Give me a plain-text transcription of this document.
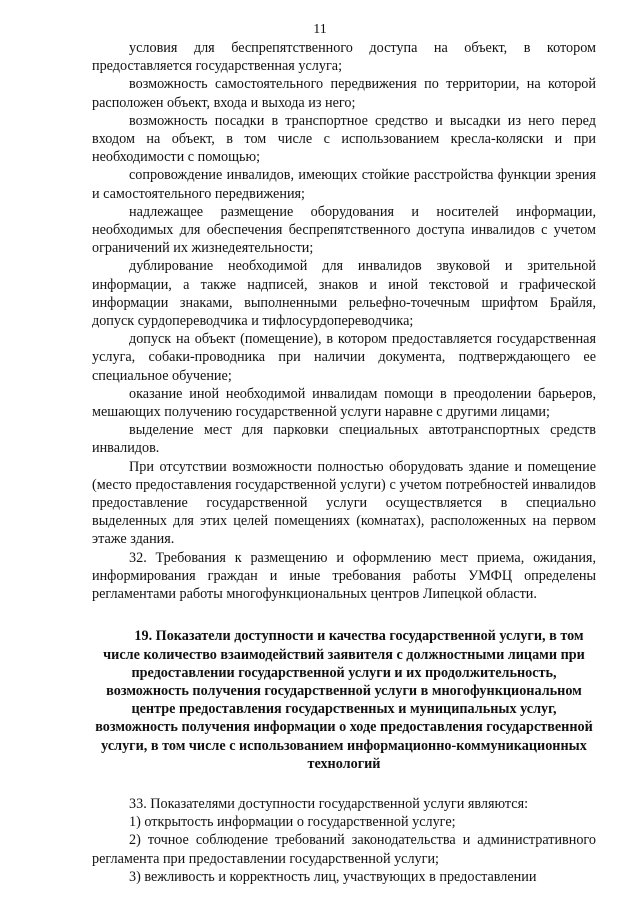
11

условия для беспрепятственного доступа на объект, в котором предоставляется государственная услуга;

возможность самостоятельного передвижения по территории, на которой расположен объект, входа и выхода из него;

возможность посадки в транспортное средство и высадки из него перед входом на объект, в том числе с использованием кресла-коляски и при необходимости с помощью;

сопровождение инвалидов, имеющих стойкие расстройства функции зрения и самостоятельного передвижения;

надлежащее размещение оборудования и носителей информации, необходимых для обеспечения беспрепятственного доступа инвалидов с учетом ограничений их жизнедеятельности;

дублирование необходимой для инвалидов звуковой и зрительной информации, а также надписей, знаков и иной текстовой и графической информации знаками, выполненными рельефно-точечным шрифтом Брайля, допуск сурдопереводчика и тифлосурдопереводчика;

допуск на объект (помещение), в котором предоставляется государственная услуга, собаки-проводника при наличии документа, подтверждающего ее специальное обучение;

оказание иной необходимой инвалидам помощи в преодолении барьеров, мешающих получению государственной услуги наравне с другими лицами;

выделение мест для парковки специальных автотранспортных средств инвалидов.

При отсутствии возможности полностью оборудовать здание и помещение (место предоставления государственной услуги) с учетом потребностей инвалидов предоставление государственной услуги осуществляется в специально выделенных для этих целей помещениях (комнатах), расположенных на первом этаже здания.

32. Требования к размещению и оформлению мест приема, ожидания, информирования граждан и иные требования работы УМФЦ определены регламентами работы многофункциональных центров Липецкой области.

19. Показатели доступности и качества государственной услуги, в том числе количество взаимодействий заявителя с должностными лицами при предоставлении государственной услуги и их продолжительность, возможность получения государственной услуги в многофункциональном центре предоставления государственных и муниципальных услуг, возможность получения информации о ходе предоставления государственной услуги, в том числе с использованием информационно-коммуникационных технологий

33. Показателями доступности государственной услуги являются:

1) открытость информации о государственной услуге;

2) точное соблюдение требований законодательства и административного регламента при предоставлении государственной услуги;

3) вежливость и корректность лиц, участвующих в предоставлении
